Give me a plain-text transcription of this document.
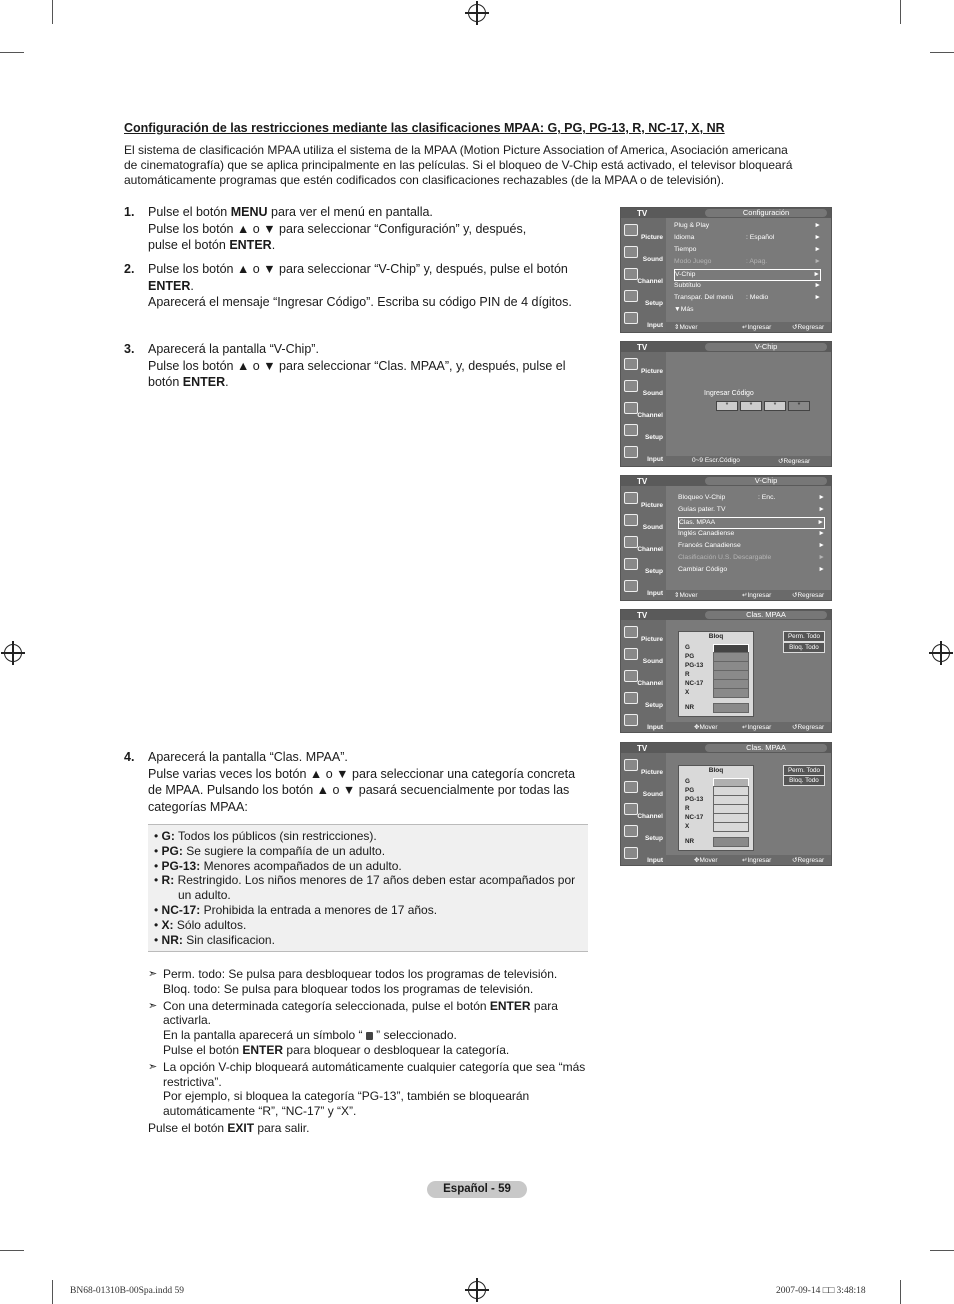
Configuración de las restricciones mediante las clasificaciones MPAA: G, PG, PG-13, R, NC-17, X, NR

El sistema de clasificación MPAA utiliza el sistema de la MPAA (Motion Picture Association of America, Asociación americana de cinematografía) que se aplica principalmente en las películas. Si el bloqueo de V-Chip está activado, el televisor bloqueará automáticamente programas que estén codificados con clasificaciones rechazables (de la MPAA o de televisión).

1. Pulse el botón MENU para ver el menú en pantalla.

Pulse los botón ▲ o ▼ para seleccionar “Configuración” y, después,

pulse el botón ENTER.

2. Pulse los botón ▲ o ▼ para seleccionar “V-Chip” y, después, pulse el botón

ENTER.

Aparecerá el mensaje “Ingresar Código”. Escriba su código PIN de 4 dígitos.

3. Aparecerá la pantalla “V-Chip”.

Pulse los botón ▲ o ▼ para seleccionar “Clas. MPAA”, y, después, pulse el

botón ENTER.

4. Aparecerá la pantalla “Clas. MPAA”.

Pulse varias veces los botón ▲ o ▼ para seleccionar una categoría concreta

de MPAA. Pulsando los botón ▲ o ▼ pasará secuencialmente por todas las

categorías MPAA:

• G: Todos los públicos (sin restricciones).
• PG: Se sugiere la compañía de un adulto.
• PG-13: Menores acompañados de un adulto.
• R: Restringido. Los niños menores de 17 años deben estar acompañados por un adulto.
• NC-17: Prohibida la entrada a menores de 17 años.
• X: Sólo adultos.
• NR: Sin clasificacion.
➣ Perm. todo: Se pulsa para desbloquear todos los programas de televisión.
Bloq. todo: Se pulsa para bloquear todos los programas de televisión.
➣ Con una determinada categoría seleccionada, pulse el botón ENTER para activarla.
En la pantalla aparecerá un símbolo “  ” seleccionado.
Pulse el botón ENTER para bloquear o desbloquear la categoría.
➣ La opción V-chip bloqueará automáticamente cualquier categoría que sea “más restrictiva”.
Por ejemplo, si bloquea la categoría “PG-13”, también se bloquearán automáticamente “R”, “NC-17” y “X”.
Pulse el botón EXIT para salir.
Español - 59
BN68-01310B-00Spa.indd 59	2007-09-14 □□ 3:48:18
TV	Configuración
Picture
Sound
Channel
Setup
Input
Plug & Play	►
Idioma	: Español	►
Tiempo	►
Modo Juego	: Apag.	►
V-Chip	►
Subtítulo	►
Transpar. Del menú : Medio	►
▼Más
⇕ Mover	↵ Ingresar	↺ Regresar
TV	V-Chip
Picture
Sound
Channel
Setup
Input
Ingresar Código
*	*	*	*
0~9 Escr.Código	↺ Regresar
TV	V-Chip
Picture
Sound
Channel
Setup
Input
Bloqueo V-Chip	: Enc.	►
Guías pater. TV	►
Clas. MPAA	►
Inglés Canadiense	►
Francés Canadiense	►
Clasificación U.S. Descargable	►
Cambiar Código	►
⇕ Mover	↵ Ingresar	↺ Regresar
TV	Clas. MPAA
Picture
Sound
Channel
Setup
Input
Bloq
G
PG
PG-13
R
NC-17
X
NR
Perm. Todo
Bloq. Todo
✥ Mover	↵ Ingresar	↺ Regresar
TV	Clas. MPAA
Picture
Sound
Channel
Setup
Input
Bloq
G
PG
PG-13
R
NC-17
X
NR
Perm. Todo
Bloq. Todo
✥ Mover	↵ Ingresar	↺ Regresar
